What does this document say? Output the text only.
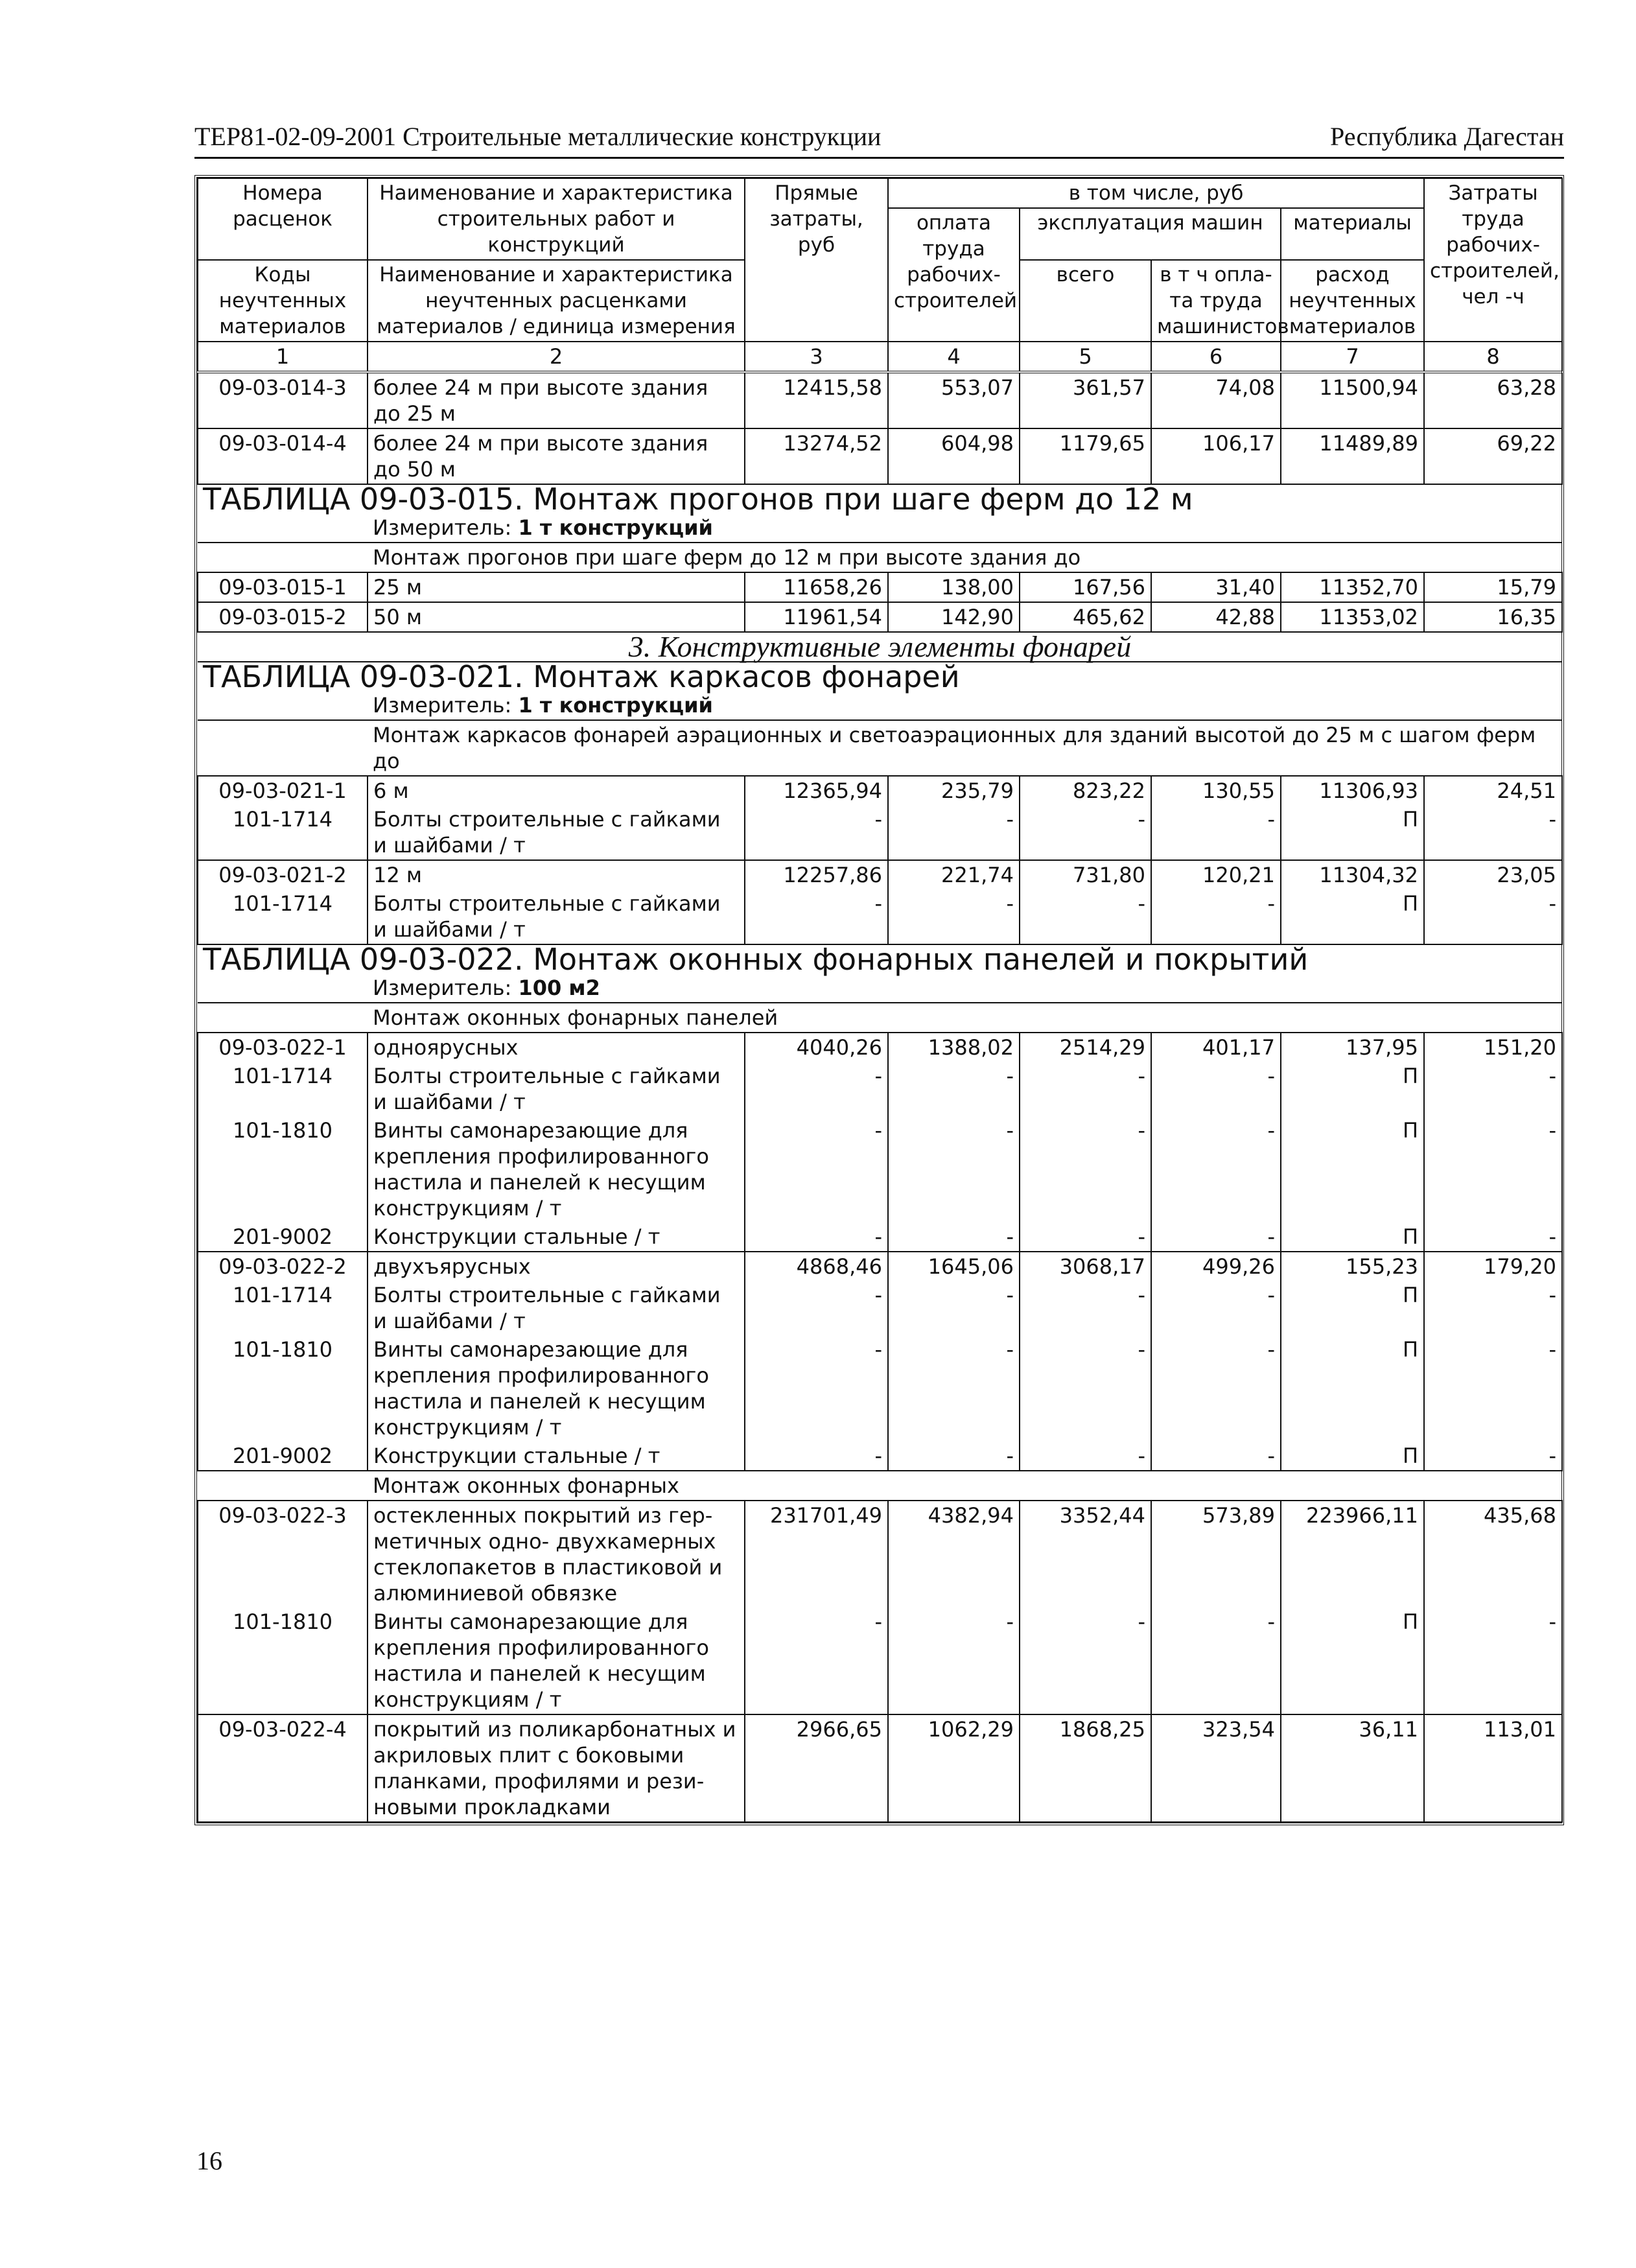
ТЕР81-02-09-2001 Строительные металлические конструкции	Республика Дагестан
Номера расценок	Наименование и характеристика строительных работ и конструкций	Прямые затраты, руб	в том числе, руб				Затраты труда рабочих-строителей, чел -ч
			оплата труда рабочих-строителей	эксплуатация машин		материалы	
Коды неучтенных материалов	Наименование и характеристика неучтенных расценками материалов / единица измерения			всего	в т ч опла-та труда машинистов	расход неучтенных материалов	

1	2	3	4	5	6	7	8
09-03-014-3	более 24 м при высоте здания до 25 м	12415,58	553,07	361,57	74,08	11500,94	63,28
09-03-014-4	более 24 м при высоте здания до 50 м	13274,52	604,98	1179,65	106,17	11489,89	69,22
ТАБЛИЦА 09-03-015. Монтаж прогонов при шаге ферм до 12 м							
	Измеритель: 1 т конструкций						
	Монтаж прогонов при шаге ферм до 12 м при высоте здания до						
09-03-015-1	25 м	11658,26	138,00	167,56	31,40	11352,70	15,79
09-03-015-2	50 м	11961,54	142,90	465,62	42,88	11353,02	16,35
3. Конструктивные элементы фонарей							
ТАБЛИЦА 09-03-021. Монтаж каркасов фонарей							
	Измеритель: 1 т конструкций						
	Монтаж каркасов фонарей аэрационных и светоаэрационных для зданий высотой до 25 м с шагом ферм до						
09-03-021-1	6 м	12365,94	235,79	823,22	130,55	11306,93	24,51
101-1714	Болты строительные с гайками и шайбами / т	-	-	-	-	П	-
09-03-021-2	12 м	12257,86	221,74	731,80	120,21	11304,32	23,05
101-1714	Болты строительные с гайками и шайбами / т	-	-	-	-	П	-
ТАБЛИЦА 09-03-022. Монтаж оконных фонарных панелей и покрытий							
	Измеритель: 100 м2						
	Монтаж оконных фонарных панелей						
09-03-022-1	одноярусных	4040,26	1388,02	2514,29	401,17	137,95	151,20
101-1714	Болты строительные с гайками и шайбами / т	-	-	-	-	П	-
101-1810	Винты самонарезающие для крепления профилированного настила и панелей к несущим конструкциям / т	-	-	-	-	П	-
201-9002	Конструкции стальные / т	-	-	-	-	П	-
09-03-022-2	двухъярусных	4868,46	1645,06	3068,17	499,26	155,23	179,20
101-1714	Болты строительные с гайками и шайбами / т	-	-	-	-	П	-
101-1810	Винты самонарезающие для крепления профилированного настила и панелей к несущим конструкциям / т	-	-	-	-	П	-
201-9002	Конструкции стальные / т	-	-	-	-	П	-
	Монтаж оконных фонарных						
09-03-022-3	остекленных покрытий из гер-метичных одно- двухкамерных стеклопакетов в пластиковой и алюминиевой обвязке	231701,49	4382,94	3352,44	573,89	223966,11	435,68
101-1810	Винты самонарезающие для крепления профилированного настила и панелей к несущим конструкциям / т	-	-	-	-	П	-
09-03-022-4	покрытий из поликарбонатных и акриловых плит с боковыми планками, профилями и рези-новыми прокладками	2966,65	1062,29	1868,25	323,54	36,11	113,01
16
